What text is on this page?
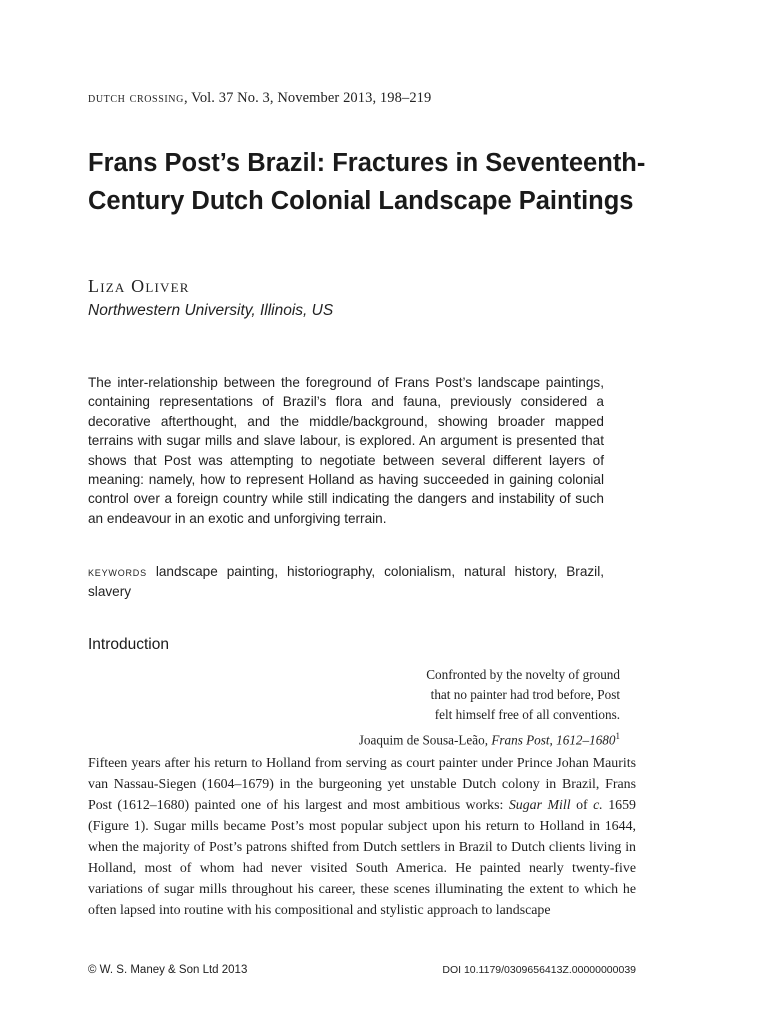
dutch crossing, Vol. 37 No. 3, November 2013, 198–219
Frans Post’s Brazil: Fractures in Seventeenth-Century Dutch Colonial Landscape Paintings
Liza Oliver
Northwestern University, Illinois, US

The inter-relationship between the foreground of Frans Post’s landscape paintings, containing representations of Brazil’s flora and fauna, previously considered a decorative afterthought, and the middle/background, showing broader mapped terrains with sugar mills and slave labour, is explored. An argument is presented that shows that Post was attempting to negotiate between several different layers of meaning: namely, how to represent Holland as having succeeded in gaining colonial control over a foreign country while still indicating the dangers and instability of such an endeavour in an exotic and unforgiving terrain.

keywords landscape painting, historiography, colonialism, natural history, Brazil, slavery

Introduction
Confronted by the novelty of ground
that no painter had trod before, Post
felt himself free of all conventions.
Joaquim de Sousa-Leão, Frans Post, 1612–1680$^1$

Fifteen years after his return to Holland from serving as court painter under Prince Johan Maurits van Nassau-Siegen (1604–1679) in the burgeoning yet unstable Dutch colony in Brazil, Frans Post (1612–1680) painted one of his largest and most ambitious works: Sugar Mill of c. 1659 (Figure 1). Sugar mills became Post’s most popular subject upon his return to Holland in 1644, when the majority of Post’s patrons shifted from Dutch settlers in Brazil to Dutch clients living in Holland, most of whom had never visited South America. He painted nearly twenty-five variations of sugar mills throughout his career, these scenes illuminating the extent to which he often lapsed into routine with his compositional and stylistic approach to landscape

© W. S. Maney & Son Ltd 2013	DOI 10.1179/0309656413Z.00000000039
